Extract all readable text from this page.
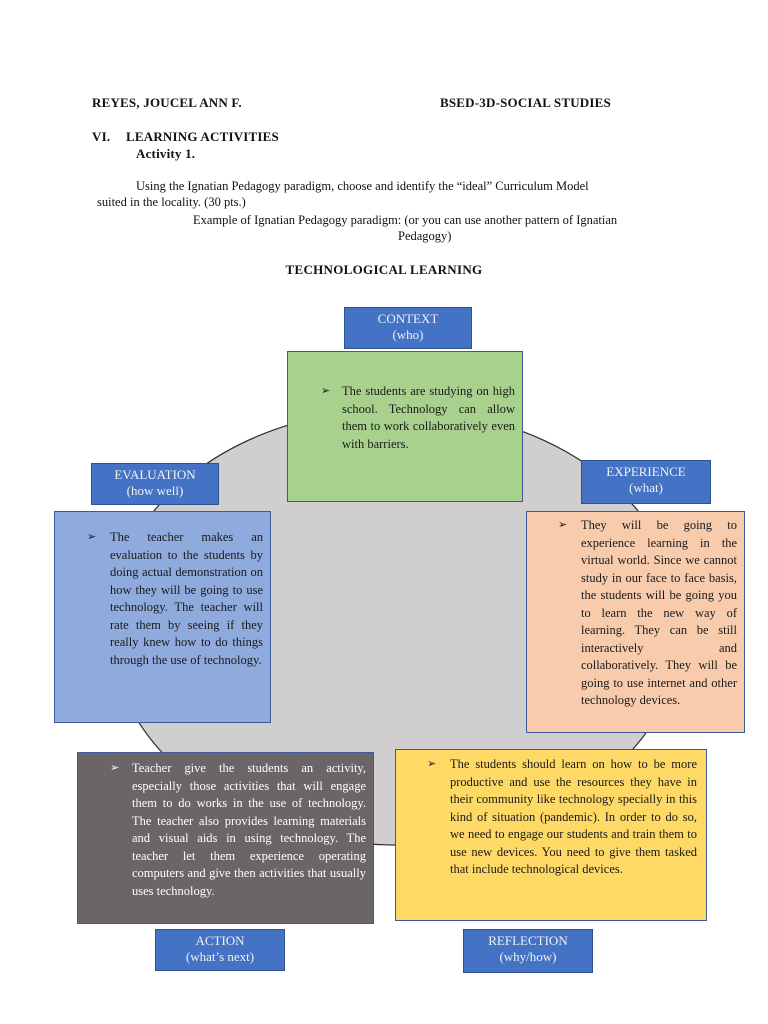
REYES, JOUCEL ANN F.	BSED-3D-SOCIAL STUDIES
VI. LEARNING ACTIVITIES
Activity 1.
Using the Ignatian Pedagogy paradigm, choose and identify the “ideal” Curriculum Model
suited in the locality. (30 pts.)
Example of Ignatian Pedagogy paradigm: (or you can use another pattern of Ignatian
Pedagogy)
TECHNOLOGICAL LEARNING
CONTEXT
(who)
➢ The students are studying on high school. Technology can allow them to work collaboratively even with barriers.
EVALUATION
(how well)
➢ The teacher makes an evaluation to the students by doing actual demonstration on how they will be going to use technology. The teacher will rate them by seeing if they really knew how to do things through the use of technology.
EXPERIENCE
(what)
➢ They will be going to experience learning in the virtual world. Since we cannot study in our face to face basis, the students will be going you to learn the new way of learning. They can be still interactively and collaboratively. They will be going to use internet and other technology devices.
➢ Teacher give the students an activity, especially those activities that will engage them to do works in the use of technology. The teacher also provides learning materials and visual aids in using technology. The teacher let them experience operating computers and give then activities that usually uses technology.
ACTION
(what’s next)
➢ The students should learn on how to be more productive and use the resources they have in their community like technology specially in this kind of situation (pandemic). In order to do so, we need to engage our students and train them to use new devices. You need to give them tasked that include technological devices.
REFLECTION
(why/how)
